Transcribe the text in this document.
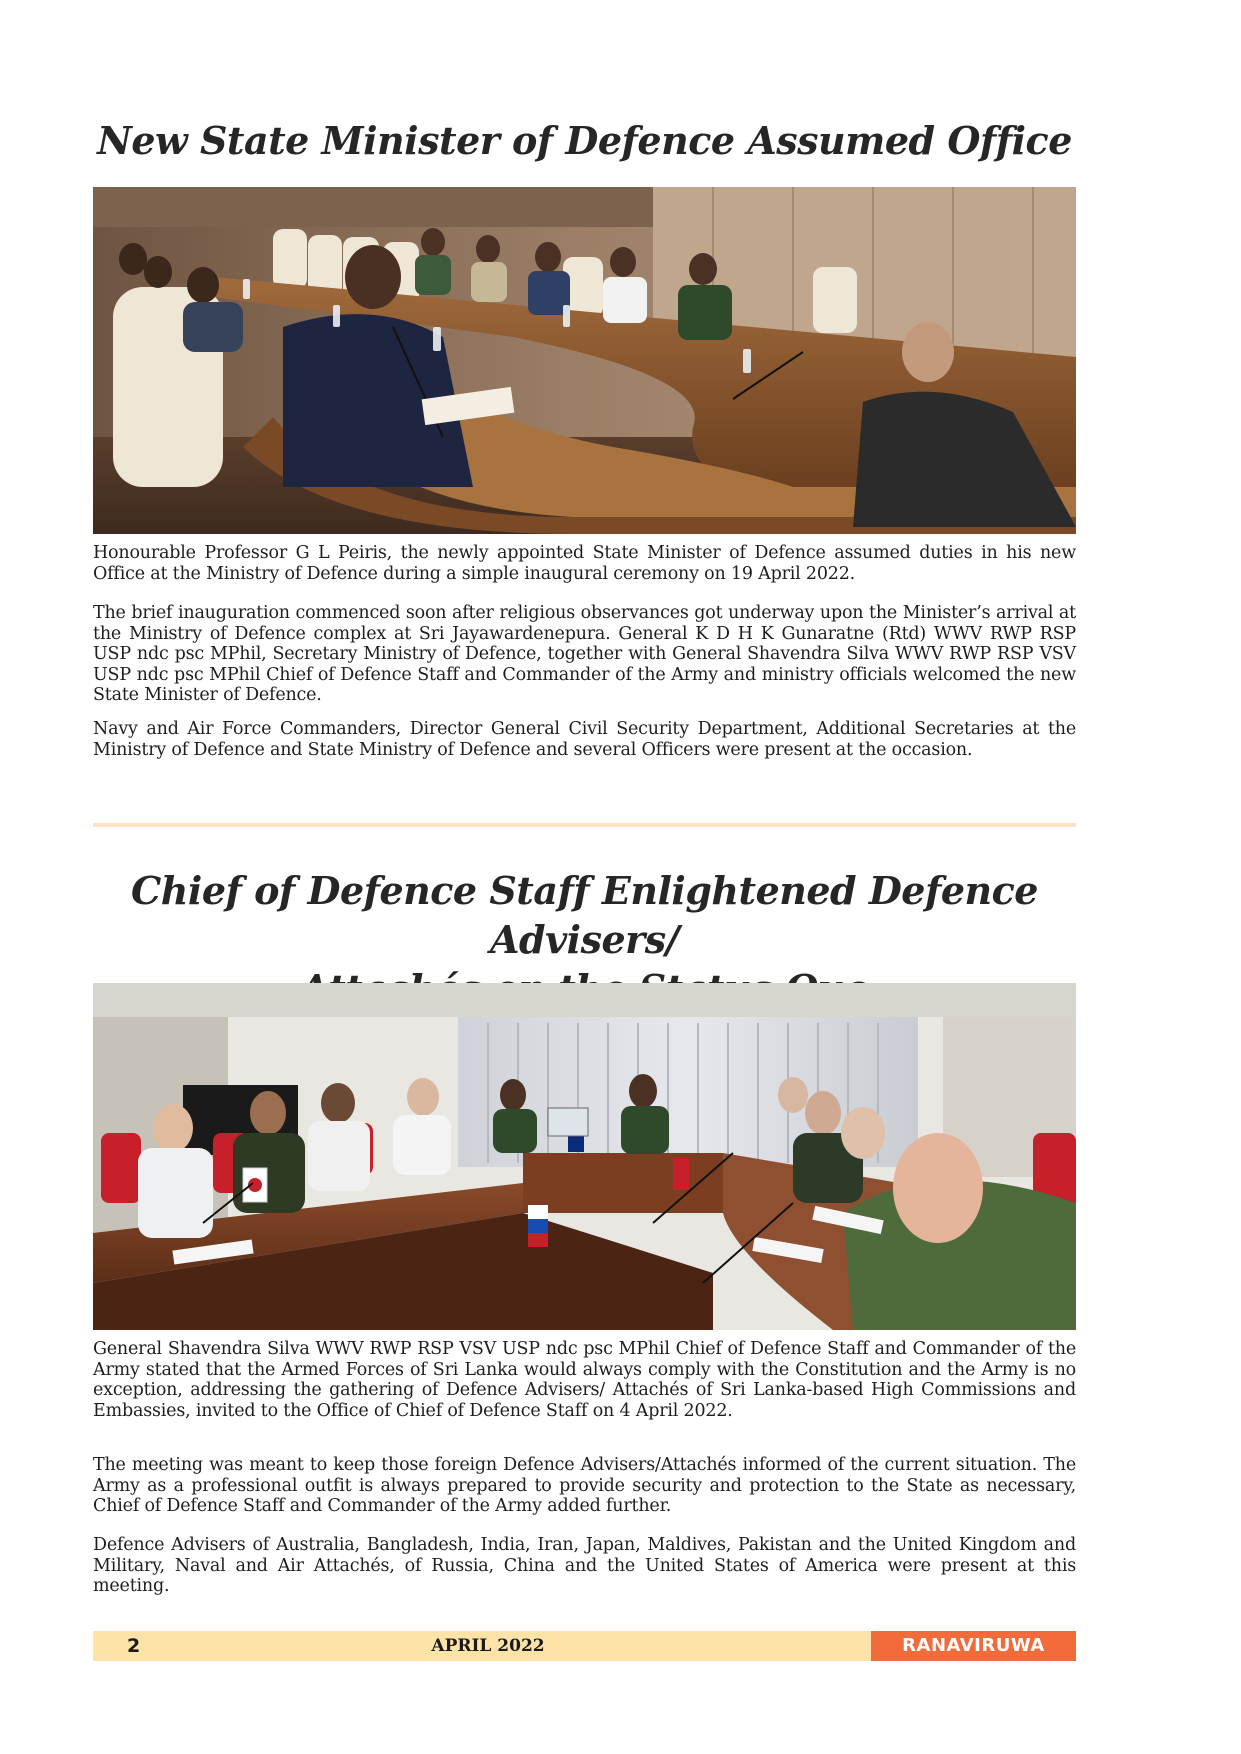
New State Minister of Defence Assumed Office

Honourable Professor G L Peiris, the newly appointed State Minister of Defence assumed duties in his new Office at the Ministry of Defence during a simple inaugural ceremony on 19 April 2022.

The brief inauguration commenced soon after religious observances got underway upon the Minister’s arrival at the Ministry of Defence complex at Sri Jayawardenepura. General K D H K Gunaratne (Rtd) WWV RWP RSP USP ndc psc MPhil, Secretary Ministry of Defence, together with General Shavendra Silva WWV RWP RSP VSV USP ndc psc MPhil Chief of Defence Staff and Commander of the Army and ministry officials welcomed the new State Minister of Defence.

Navy and Air Force Commanders, Director General Civil Security Department, Additional Secretaries at the Ministry of Defence and State Ministry of Defence and several Officers were present at the occasion.

Chief of Defence Staff Enlightened Defence Advisers/

General Shavendra Silva WWV RWP RSP VSV USP ndc psc MPhil Chief of Defence Staff and Commander of the Army stated that the Armed Forces of Sri Lanka would always comply with the Constitution and the Army is no exception, addressing the gathering of Defence Advisers/ Attachés of Sri Lanka-based High Commissions and Embassies, invited to the Office of Chief of Defence Staff on 4 April 2022.

The meeting was meant to keep those foreign Defence Advisers/Attachés informed of the current situation. The Army as a professional outfit is always prepared to provide security and protection to the State as necessary, Chief of Defence Staff and Commander of the Army added further.

Defence Advisers of Australia, Bangladesh, India, Iran, Japan, Maldives, Pakistan and the United Kingdom and Military, Naval and Air Attachés, of Russia, China and the United States of America were present at this meeting.

2	APRIL 2022	RANAVIRUWA
